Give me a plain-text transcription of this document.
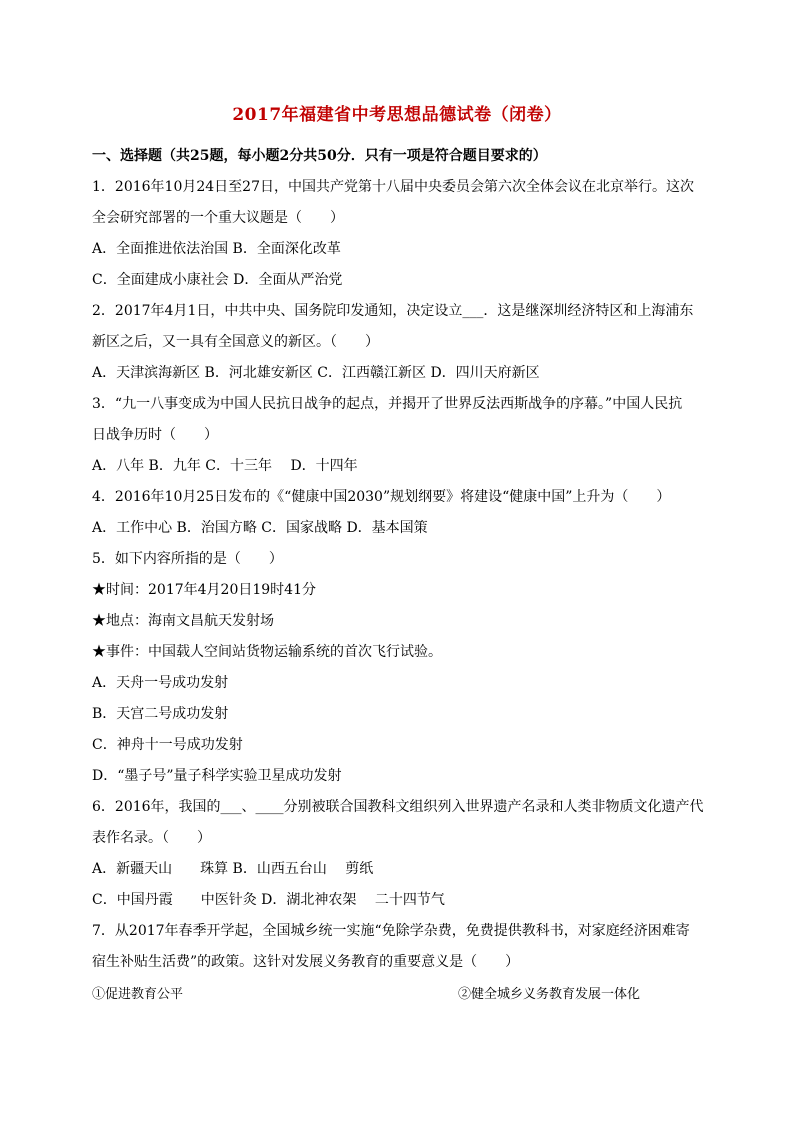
2017年福建省中考思想品德试卷（闭卷）
一、选择题（共25题，每小题2分共50分．只有一项是符合题目要求的）
1．2016年10月24日至27日，中国共产党第十八届中央委员会第六次全体会议在北京举行。这次
全会研究部署的一个重大议题是（　　）
A．全面推进依法治国 B．全面深化改革
C．全面建成小康社会 D．全面从严治党
2．2017年4月1日，中共中央、国务院印发通知，决定设立___．这是继深圳经济特区和上海浦东
新区之后，又一具有全国意义的新区。（　　）
A．天津滨海新区 B．河北雄安新区 C．江西赣江新区 D．四川天府新区
3．“九一八事变成为中国人民抗日战争的起点，并揭开了世界反法西斯战争的序幕。”中国人民抗
日战争历时（　　）
A．八年 B．九年 C．十三年　 D．十四年
4．2016年10月25日发布的《“健康中国2030”规划纲要》将建设“健康中国”上升为（　　）
A．工作中心 B．治国方略 C．国家战略 D．基本国策
5．如下内容所指的是（　　）
★时间：2017年4月20日19时41分
★地点：海南文昌航天发射场
★事件：中国载人空间站货物运输系统的首次飞行试验。
A．天舟一号成功发射
B．天宫二号成功发射
C．神舟十一号成功发射
D．“墨子号”量子科学实验卫星成功发射
6．2016年，我国的___、____分别被联合国教科文组织列入世界遗产名录和人类非物质文化遗产代
表作名录。（　　）
A．新疆天山　　珠算 B．山西五台山　 剪纸
C．中国丹霞　　中医针灸 D．湖北神农架　 二十四节气
7．从2017年春季开学起，全国城乡统一实施“免除学杂费，免费提供教科书，对家庭经济困难寄
宿生补贴生活费”的政策。这针对发展义务教育的重要意义是（　　）
①促进教育公平	②健全城乡义务教育发展一体化
